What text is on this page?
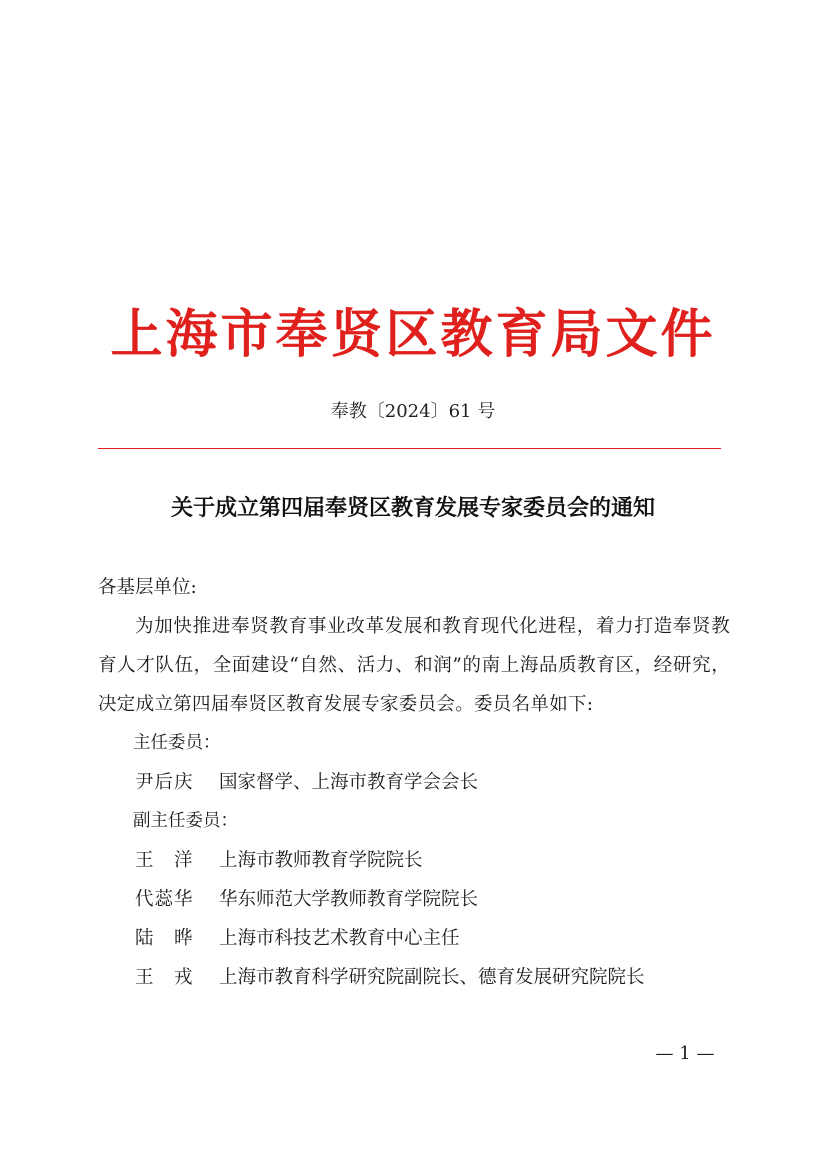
上海市奉贤区教育局文件
奉教〔2024〕61 号
关于成立第四届奉贤区教育发展专家委员会的通知

各基层单位:

为加快推进奉贤教育事业改革发展和教育现代化进程，着力打造奉贤教育人才队伍，全面建设“自然、活力、和润”的南上海品质教育区，经研究，决定成立第四届奉贤区教育发展专家委员会。委员名单如下:

主任委员：

尹后庆	国家督学、上海市教育学会会长

副主任委员：

王　洋	上海市教师教育学院院长

代蕊华	华东师范大学教师教育学院院长

陆　晔	上海市科技艺术教育中心主任

王　戎	上海市教育科学研究院副院长、德育发展研究院院长

— 1 —
